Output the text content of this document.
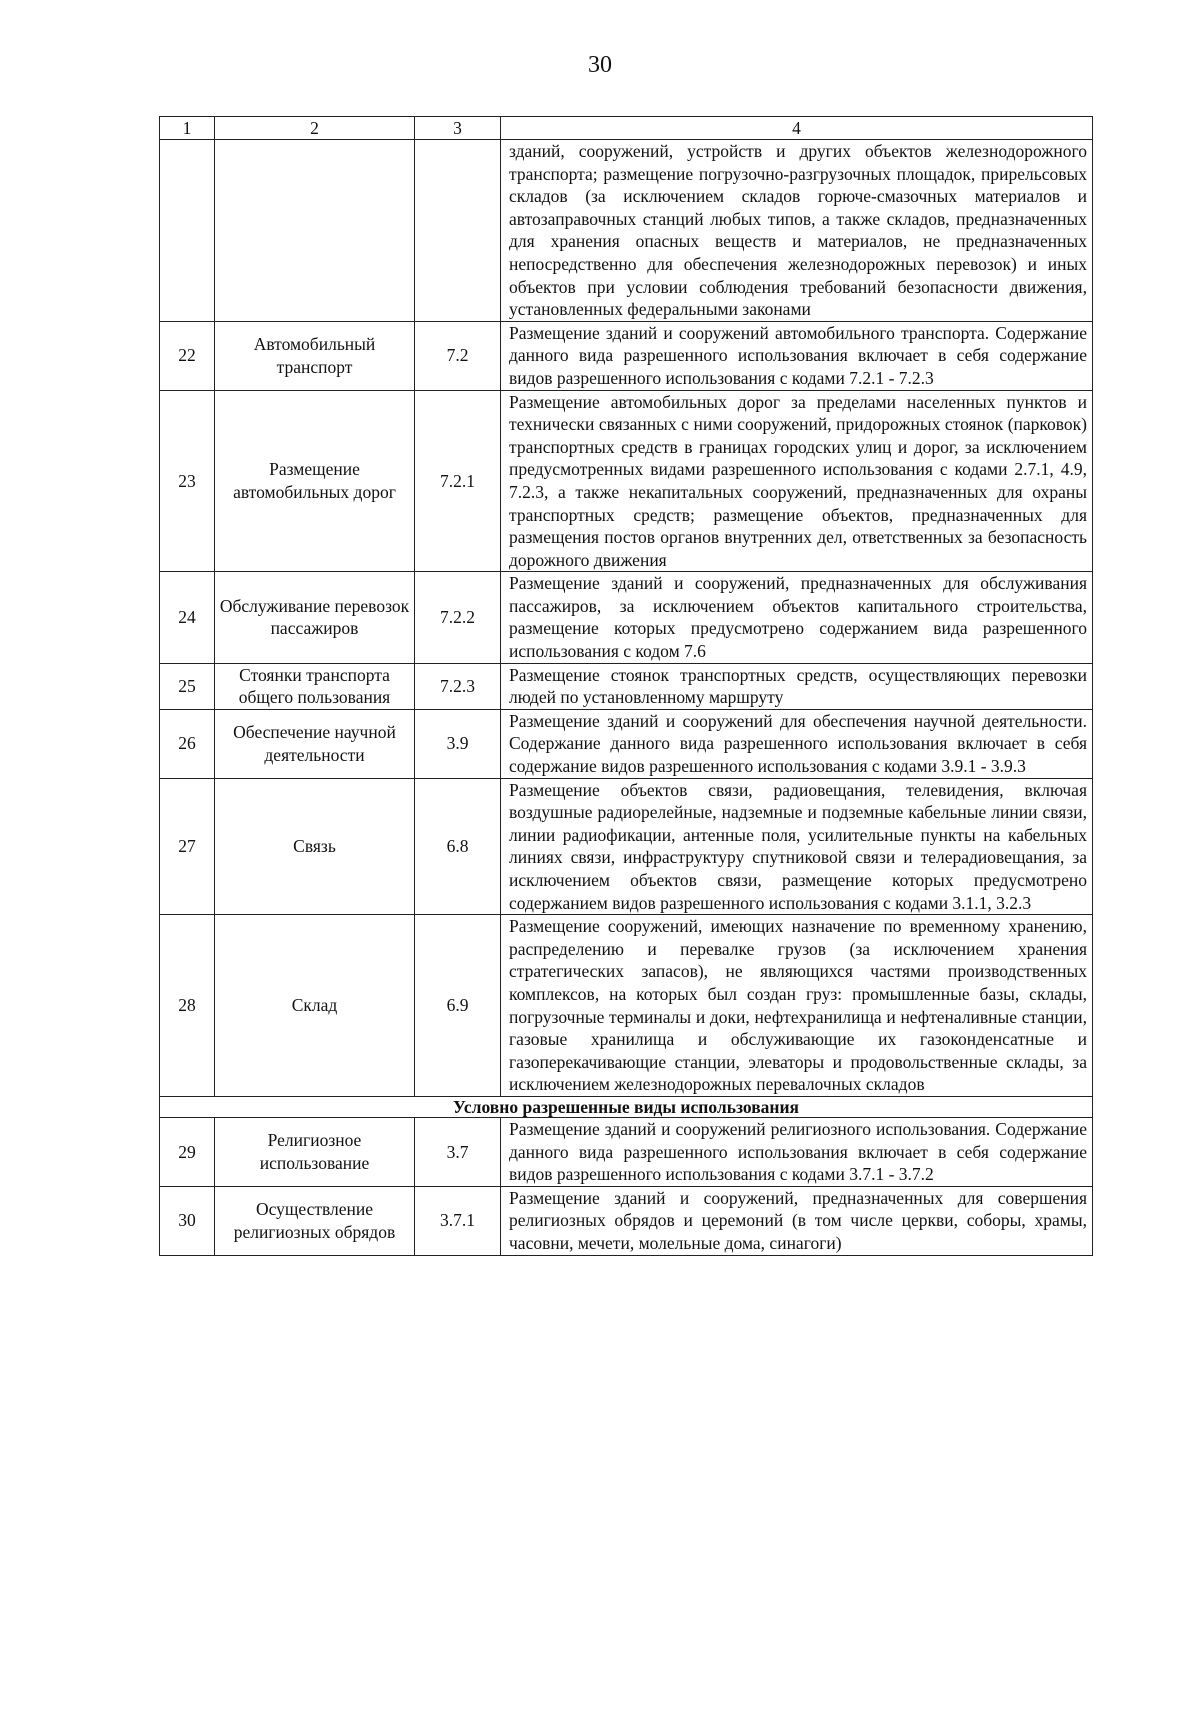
30
1	2	3	4

			зданий, сооружений, устройств и других объектов железнодорожного транспорта; размещение погрузочно-разгрузочных площадок, прирельсовых складов (за исключением складов горюче-смазочных материалов и автозаправочных станций любых типов, а также складов, предназначенных для хранения опасных веществ и материалов, не предназначенных непосредственно для обеспечения железнодорожных перевозок) и иных объектов при условии соблюдения требований безопасности движения, установленных федеральными законами

22	Автомобильный транспорт	7.2	Размещение зданий и сооружений автомобильного транспорта. Содержание данного вида разрешенного использования включает в себя содержание видов разрешенного использования с кодами 7.2.1 - 7.2.3

23	Размещение автомобильных дорог	7.2.1	Размещение автомобильных дорог за пределами населенных пунктов и технически связанных с ними сооружений, придорожных стоянок (парковок) транспортных средств в границах городских улиц и дорог, за исключением предусмотренных видами разрешенного использования с кодами 2.7.1, 4.9, 7.2.3, а также некапитальных сооружений, предназначенных для охраны транспортных средств; размещение объектов, предназначенных для размещения постов органов внутренних дел, ответственных за безопасность дорожного движения

24	Обслуживание перевозок пассажиров	7.2.2	Размещение зданий и сооружений, предназначенных для обслуживания пассажиров, за исключением объектов капитального строительства, размещение которых предусмотрено содержанием вида разрешенного использования с кодом 7.6

25	Стоянки транспорта общего пользования	7.2.3	Размещение стоянок транспортных средств, осуществляющих перевозки людей по установленному маршруту

26	Обеспечение научной деятельности	3.9	Размещение зданий и сооружений для обеспечения научной деятельности. Содержание данного вида разрешенного использования включает в себя содержание видов разрешенного использования с кодами 3.9.1 - 3.9.3

27	Связь	6.8	Размещение объектов связи, радиовещания, телевидения, включая воздушные радиорелейные, надземные и подземные кабельные линии связи, линии радиофикации, антенные поля, усилительные пункты на кабельных линиях связи, инфраструктуру спутниковой связи и телерадиовещания, за исключением объектов связи, размещение которых предусмотрено содержанием видов разрешенного использования с кодами 3.1.1, 3.2.3

28	Склад	6.9	Размещение сооружений, имеющих назначение по временному хранению, распределению и перевалке грузов (за исключением хранения стратегических запасов), не являющихся частями производственных комплексов, на которых был создан груз: промышленные базы, склады, погрузочные терминалы и доки, нефтехранилища и нефтеналивные станции, газовые хранилища и обслуживающие их газоконденсатные и газоперекачивающие станции, элеваторы и продовольственные склады, за исключением железнодорожных перевалочных складов

Условно разрешенные виды использования			
29	Религиозное использование	3.7	Размещение зданий и сооружений религиозного использования. Содержание данного вида разрешенного использования включает в себя содержание видов разрешенного использования с кодами 3.7.1 - 3.7.2

30	Осуществление религиозных обрядов	3.7.1	Размещение зданий и сооружений, предназначенных для совершения религиозных обрядов и церемоний (в том числе церкви, соборы, храмы, часовни, мечети, молельные дома, синагоги)
